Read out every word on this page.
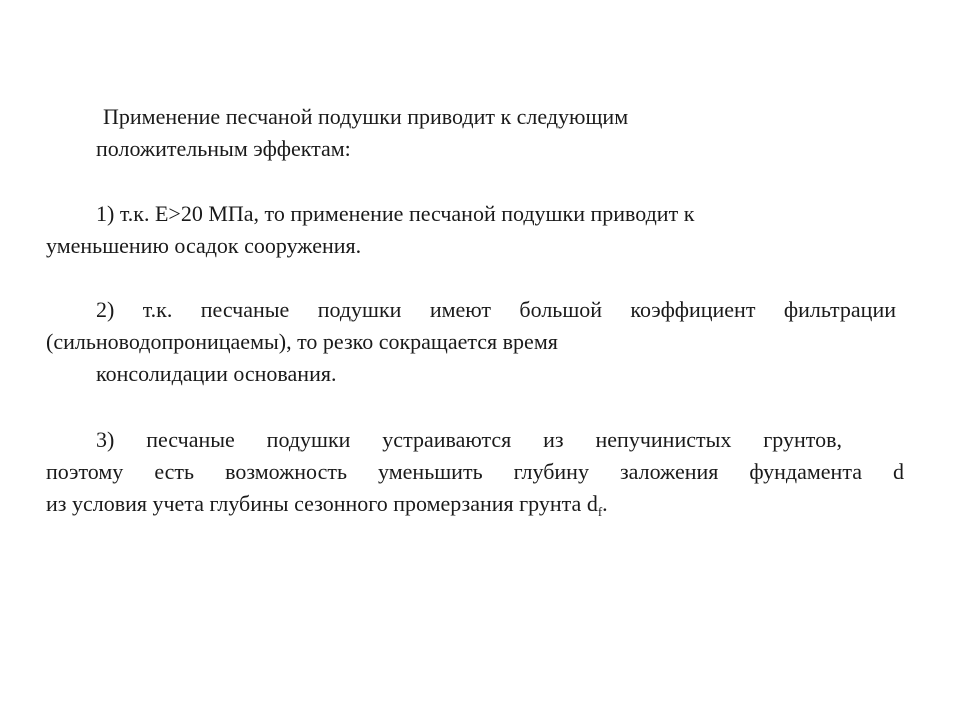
Применение песчаной подушки приводит к следующим
положительным эффектам:
1) т.к. Е>20 МПа, то применение песчаной подушки приводит к
уменьшению осадок сооружения.
2) т.к. песчаные подушки имеют большой коэффициент фильтрации
(сильноводопроницаемы), то резко сокращается время
консолидации основания.
3) песчаные подушки устраиваются из непучинистых грунтов,
поэтому есть возможность уменьшить глубину заложения фундамента d
из условия учета глубины сезонного промерзания грунта $d_f$.
